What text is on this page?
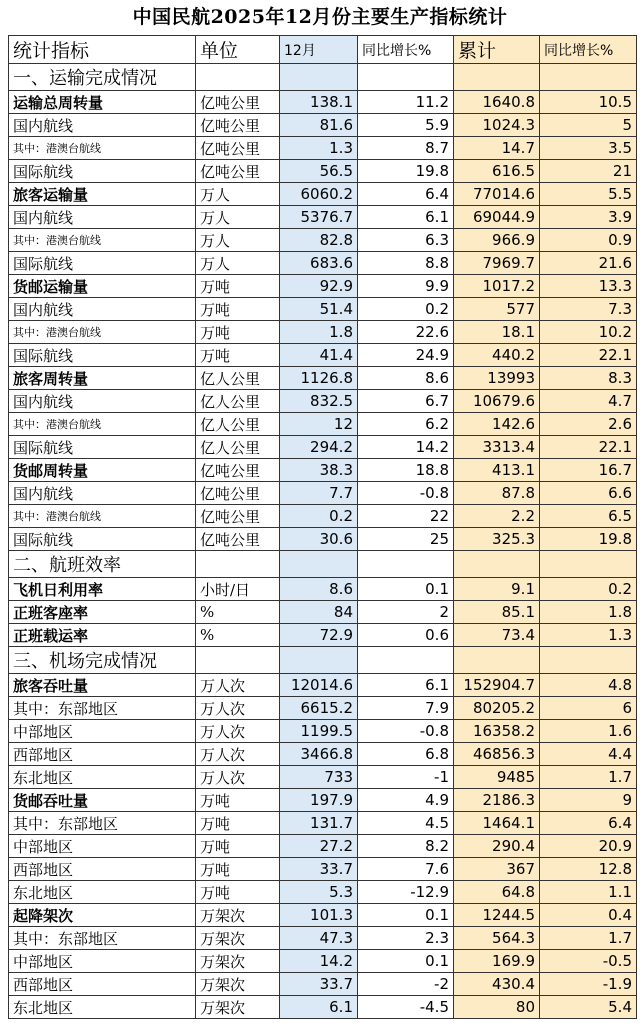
中国民航2025年12月份主要生产指标统计
统计指标	单位	12月	同比增长%	累计	同比增长%
一、运输完成情况					
运输总周转量	亿吨公里	138.1	11.2	1640.8	10.5
国内航线	亿吨公里	81.6	5.9	1024.3	5
其中：港澳台航线	亿吨公里	1.3	8.7	14.7	3.5
国际航线	亿吨公里	56.5	19.8	616.5	21
旅客运输量	万人	6060.2	6.4	77014.6	5.5
国内航线	万人	5376.7	6.1	69044.9	3.9
其中：港澳台航线	万人	82.8	6.3	966.9	0.9
国际航线	万人	683.6	8.8	7969.7	21.6
货邮运输量	万吨	92.9	9.9	1017.2	13.3
国内航线	万吨	51.4	0.2	577	7.3
其中：港澳台航线	万吨	1.8	22.6	18.1	10.2
国际航线	万吨	41.4	24.9	440.2	22.1
旅客周转量	亿人公里	1126.8	8.6	13993	8.3
国内航线	亿人公里	832.5	6.7	10679.6	4.7
其中：港澳台航线	亿人公里	12	6.2	142.6	2.6
国际航线	亿人公里	294.2	14.2	3313.4	22.1
货邮周转量	亿吨公里	38.3	18.8	413.1	16.7
国内航线	亿吨公里	7.7	-0.8	87.8	6.6
其中：港澳台航线	亿吨公里	0.2	22	2.2	6.5
国际航线	亿吨公里	30.6	25	325.3	19.8
二、航班效率					
飞机日利用率	小时/日	8.6	0.1	9.1	0.2
正班客座率	%	84	2	85.1	1.8
正班载运率	%	72.9	0.6	73.4	1.3
三、机场完成情况					
旅客吞吐量	万人次	12014.6	6.1	152904.7	4.8
其中：东部地区	万人次	6615.2	7.9	80205.2	6
中部地区	万人次	1199.5	-0.8	16358.2	1.6
西部地区	万人次	3466.8	6.8	46856.3	4.4
东北地区	万人次	733	-1	9485	1.7
货邮吞吐量	万吨	197.9	4.9	2186.3	9
其中：东部地区	万吨	131.7	4.5	1464.1	6.4
中部地区	万吨	27.2	8.2	290.4	20.9
西部地区	万吨	33.7	7.6	367	12.8
东北地区	万吨	5.3	-12.9	64.8	1.1
起降架次	万架次	101.3	0.1	1244.5	0.4
其中：东部地区	万架次	47.3	2.3	564.3	1.7
中部地区	万架次	14.2	0.1	169.9	-0.5
西部地区	万架次	33.7	-2	430.4	-1.9
东北地区	万架次	6.1	-4.5	80	5.4
